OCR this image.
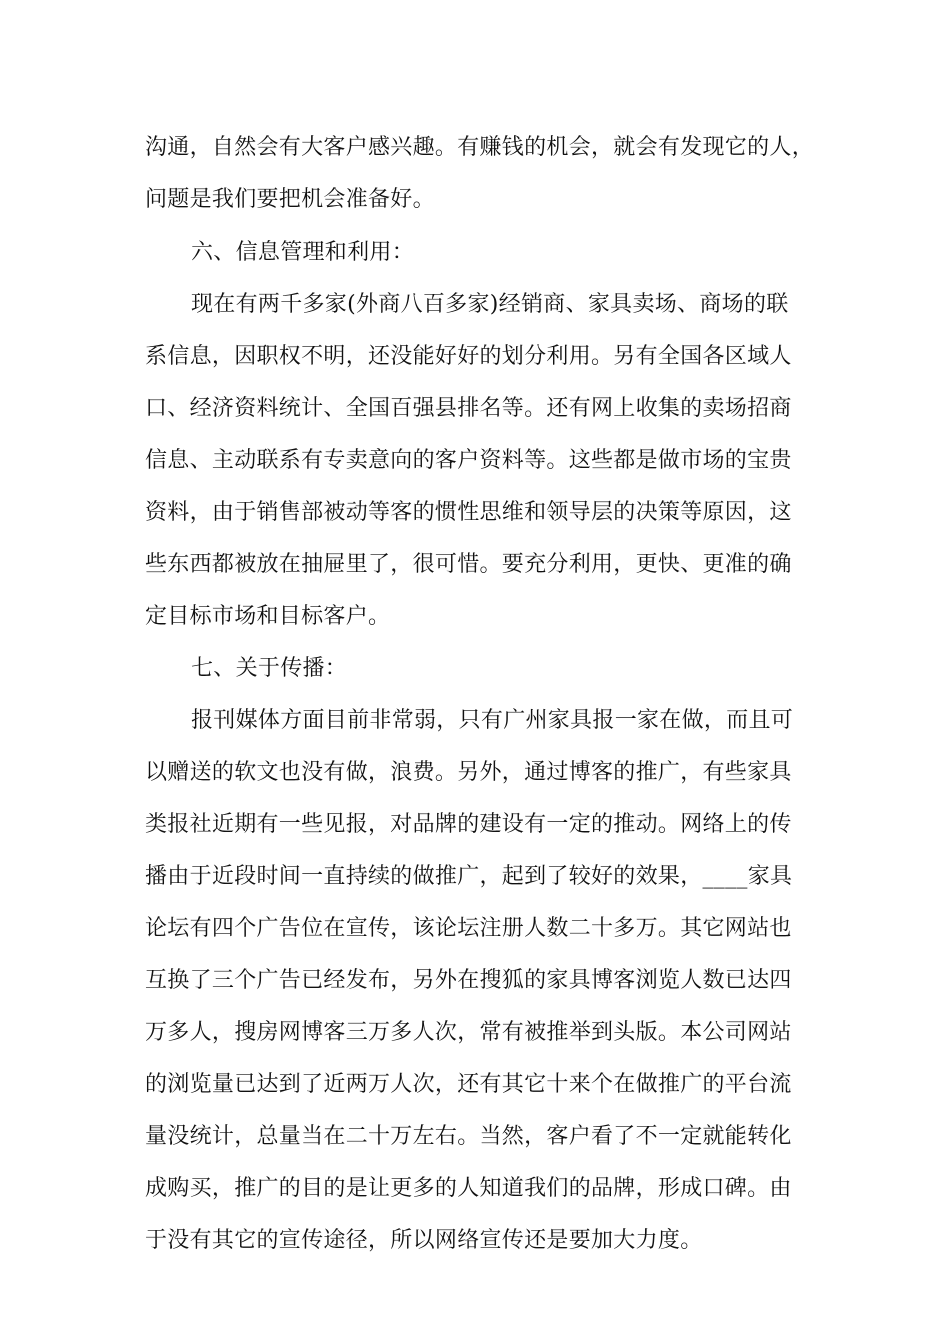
沟通，自然会有大客户感兴趣。有赚钱的机会，就会有发现它的人，
问题是我们要把机会准备好。
六、信息管理和利用：
现在有两千多家(外商八百多家)经销商、家具卖场、商场的联
系信息，因职权不明，还没能好好的划分利用。另有全国各区域人
口、经济资料统计、全国百强县排名等。还有网上收集的卖场招商
信息、主动联系有专卖意向的客户资料等。这些都是做市场的宝贵
资料，由于销售部被动等客的惯性思维和领导层的决策等原因，这
些东西都被放在抽屉里了，很可惜。要充分利用，更快、更准的确
定目标市场和目标客户。
七、关于传播：
报刊媒体方面目前非常弱，只有广州家具报一家在做，而且可
以赠送的软文也没有做，浪费。另外，通过博客的推广，有些家具
类报社近期有一些见报，对品牌的建设有一定的推动。网络上的传
播由于近段时间一直持续的做推广，起到了较好的效果，____家具
论坛有四个广告位在宣传，该论坛注册人数二十多万。其它网站也
互换了三个广告已经发布，另外在搜狐的家具博客浏览人数已达四
万多人，搜房网博客三万多人次，常有被推举到头版。本公司网站
的浏览量已达到了近两万人次，还有其它十来个在做推广的平台流
量没统计，总量当在二十万左右。当然，客户看了不一定就能转化
成购买，推广的目的是让更多的人知道我们的品牌，形成口碑。由
于没有其它的宣传途径，所以网络宣传还是要加大力度。
